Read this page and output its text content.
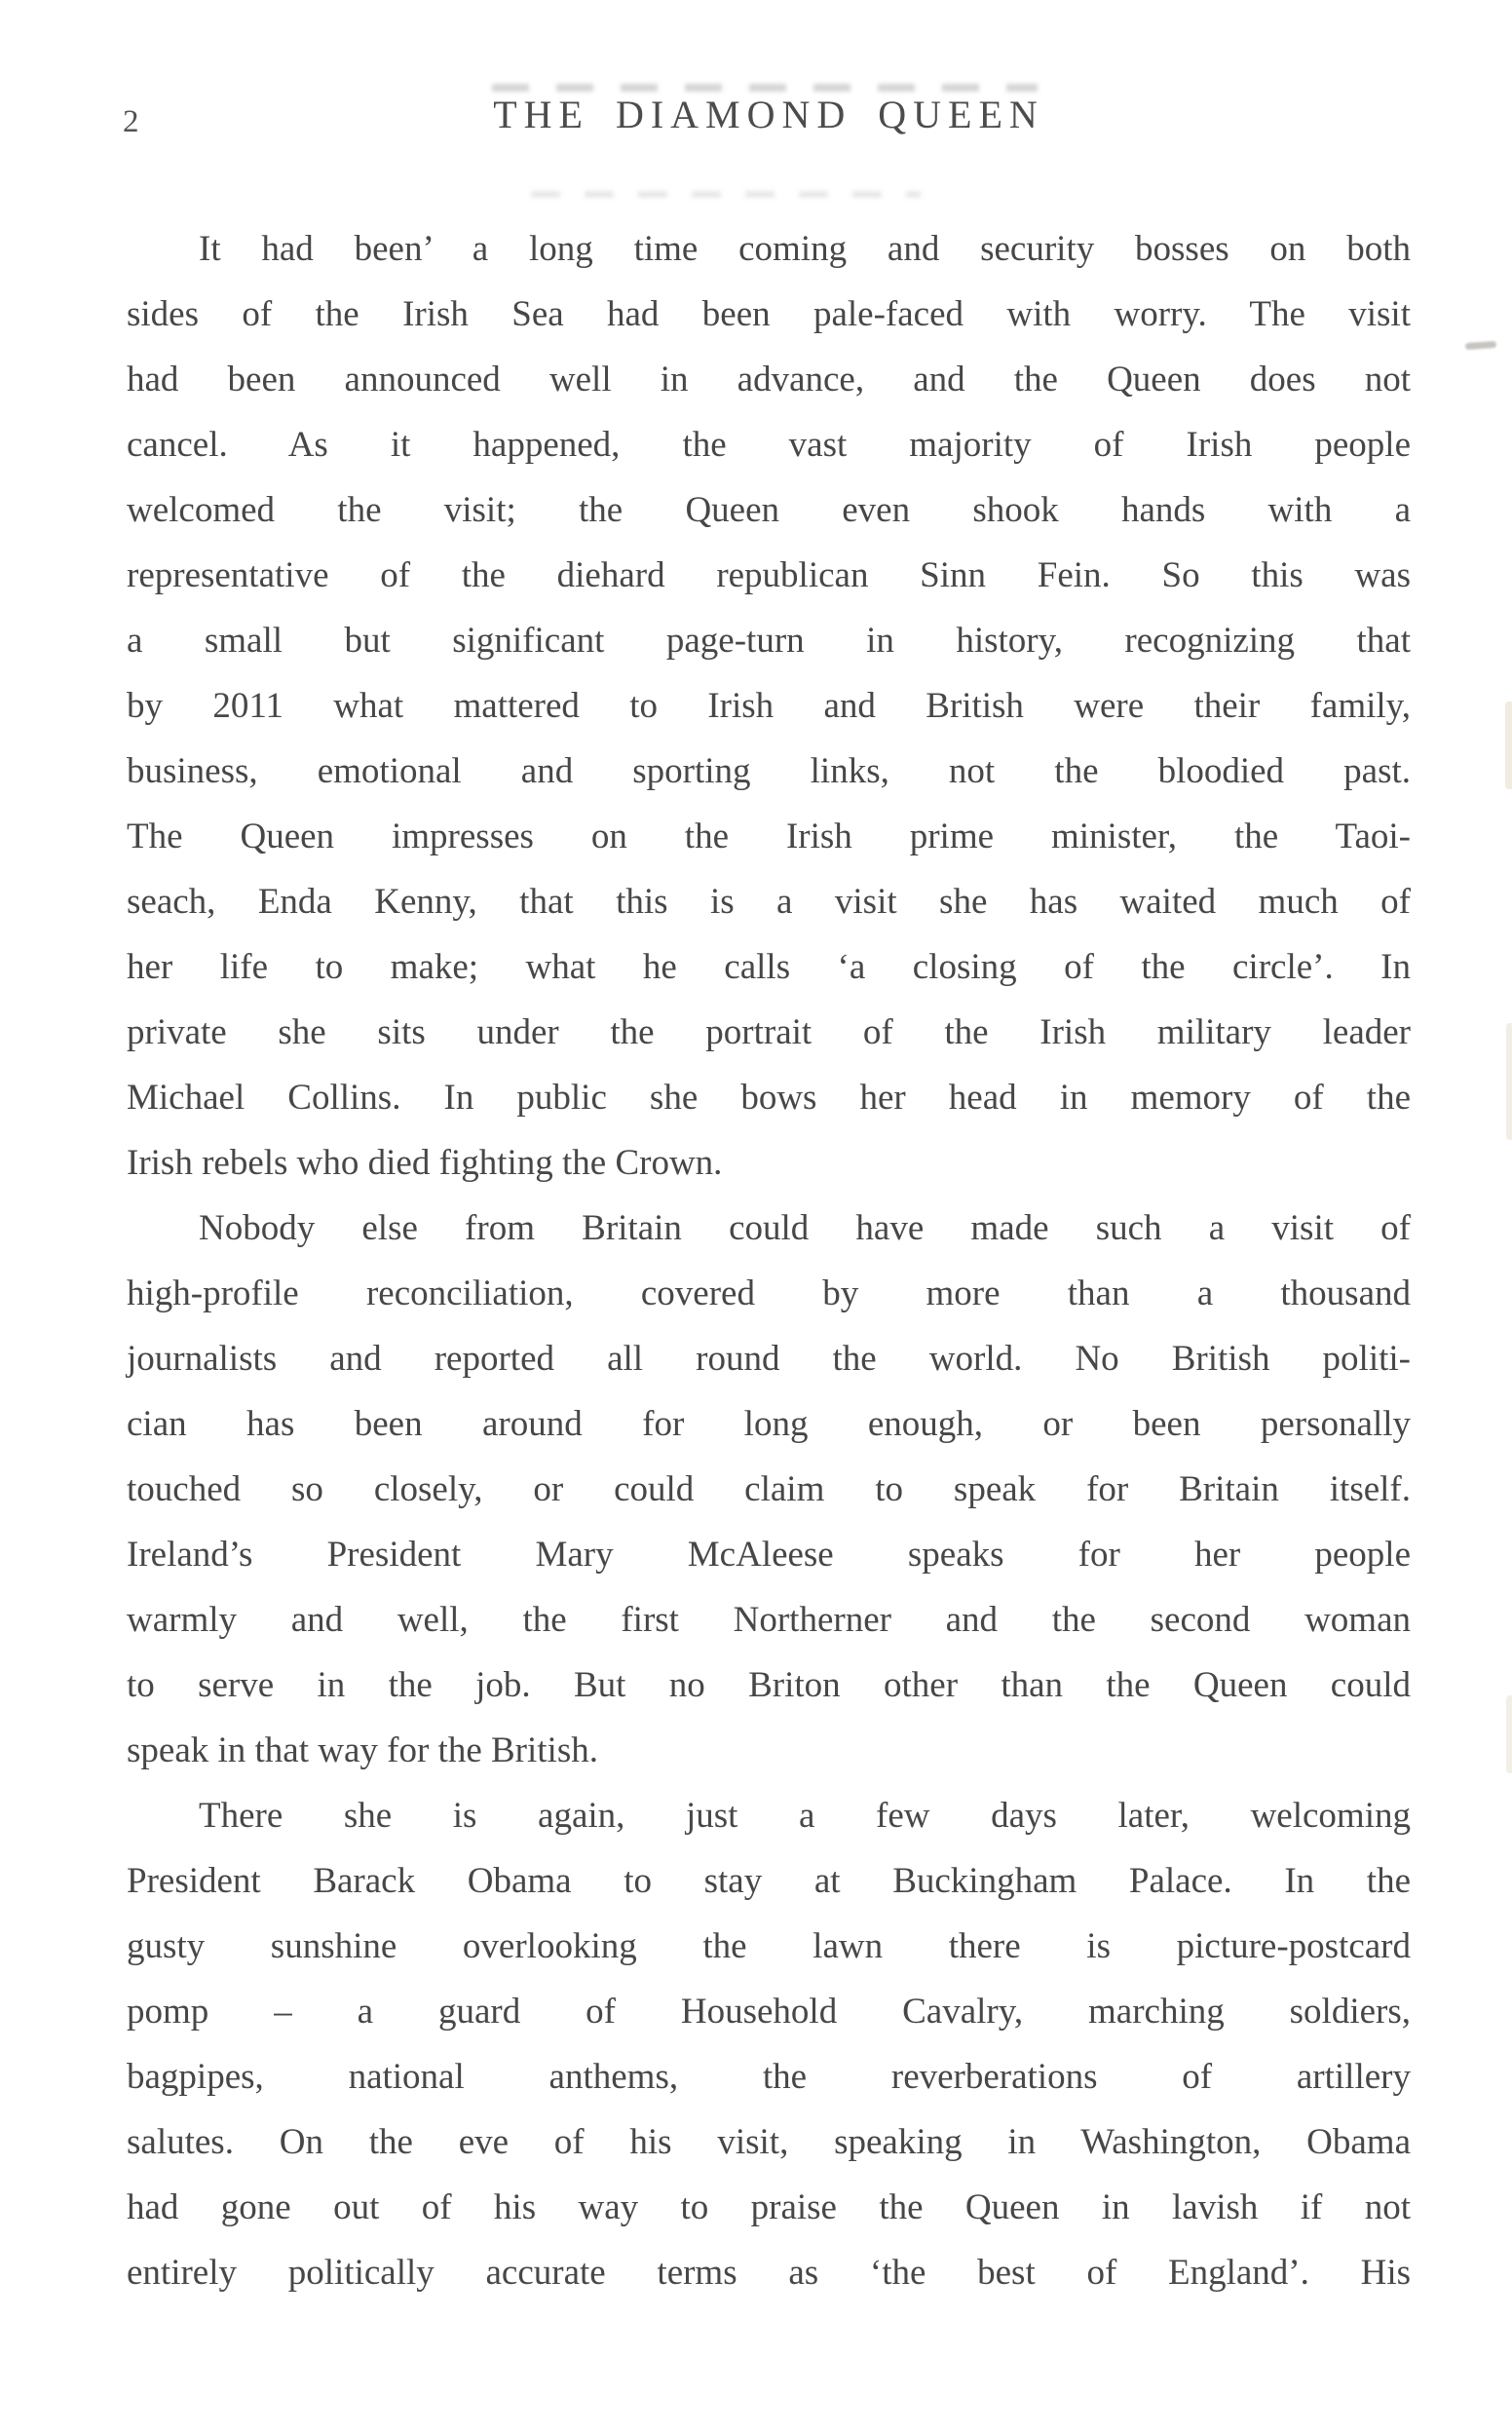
2	THE DIAMOND QUEEN
It had been’ a long time coming and security bosses on both
sides of the Irish Sea had been pale-faced with worry. The visit
had been announced well in advance, and the Queen does not
cancel. As it happened, the vast majority of Irish people
welcomed the visit; the Queen even shook hands with a
representative of the diehard republican Sinn Fein. So this was
a small but significant page-turn in history, recognizing that
by 2011 what mattered to Irish and British were their family,
business, emotional and sporting links, not the bloodied past.
The Queen impresses on the Irish prime minister, the Taoi-
seach, Enda Kenny, that this is a visit she has waited much of
her life to make; what he calls ‘a closing of the circle’. In
private she sits under the portrait of the Irish military leader
Michael Collins. In public she bows her head in memory of the
Irish rebels who died fighting the Crown.
Nobody else from Britain could have made such a visit of
high-profile reconciliation, covered by more than a thousand
journalists and reported all round the world. No British politi-
cian has been around for long enough, or been personally
touched so closely, or could claim to speak for Britain itself.
Ireland’s President Mary McAleese speaks for her people
warmly and well, the first Northerner and the second woman
to serve in the job. But no Briton other than the Queen could
speak in that way for the British.
There she is again, just a few days later, welcoming
President Barack Obama to stay at Buckingham Palace. In the
gusty sunshine overlooking the lawn there is picture-postcard
pomp – a guard of Household Cavalry, marching soldiers,
bagpipes, national anthems, the reverberations of artillery
salutes. On the eve of his visit, speaking in Washington, Obama
had gone out of his way to praise the Queen in lavish if not
entirely politically accurate terms as ‘the best of England’. His
